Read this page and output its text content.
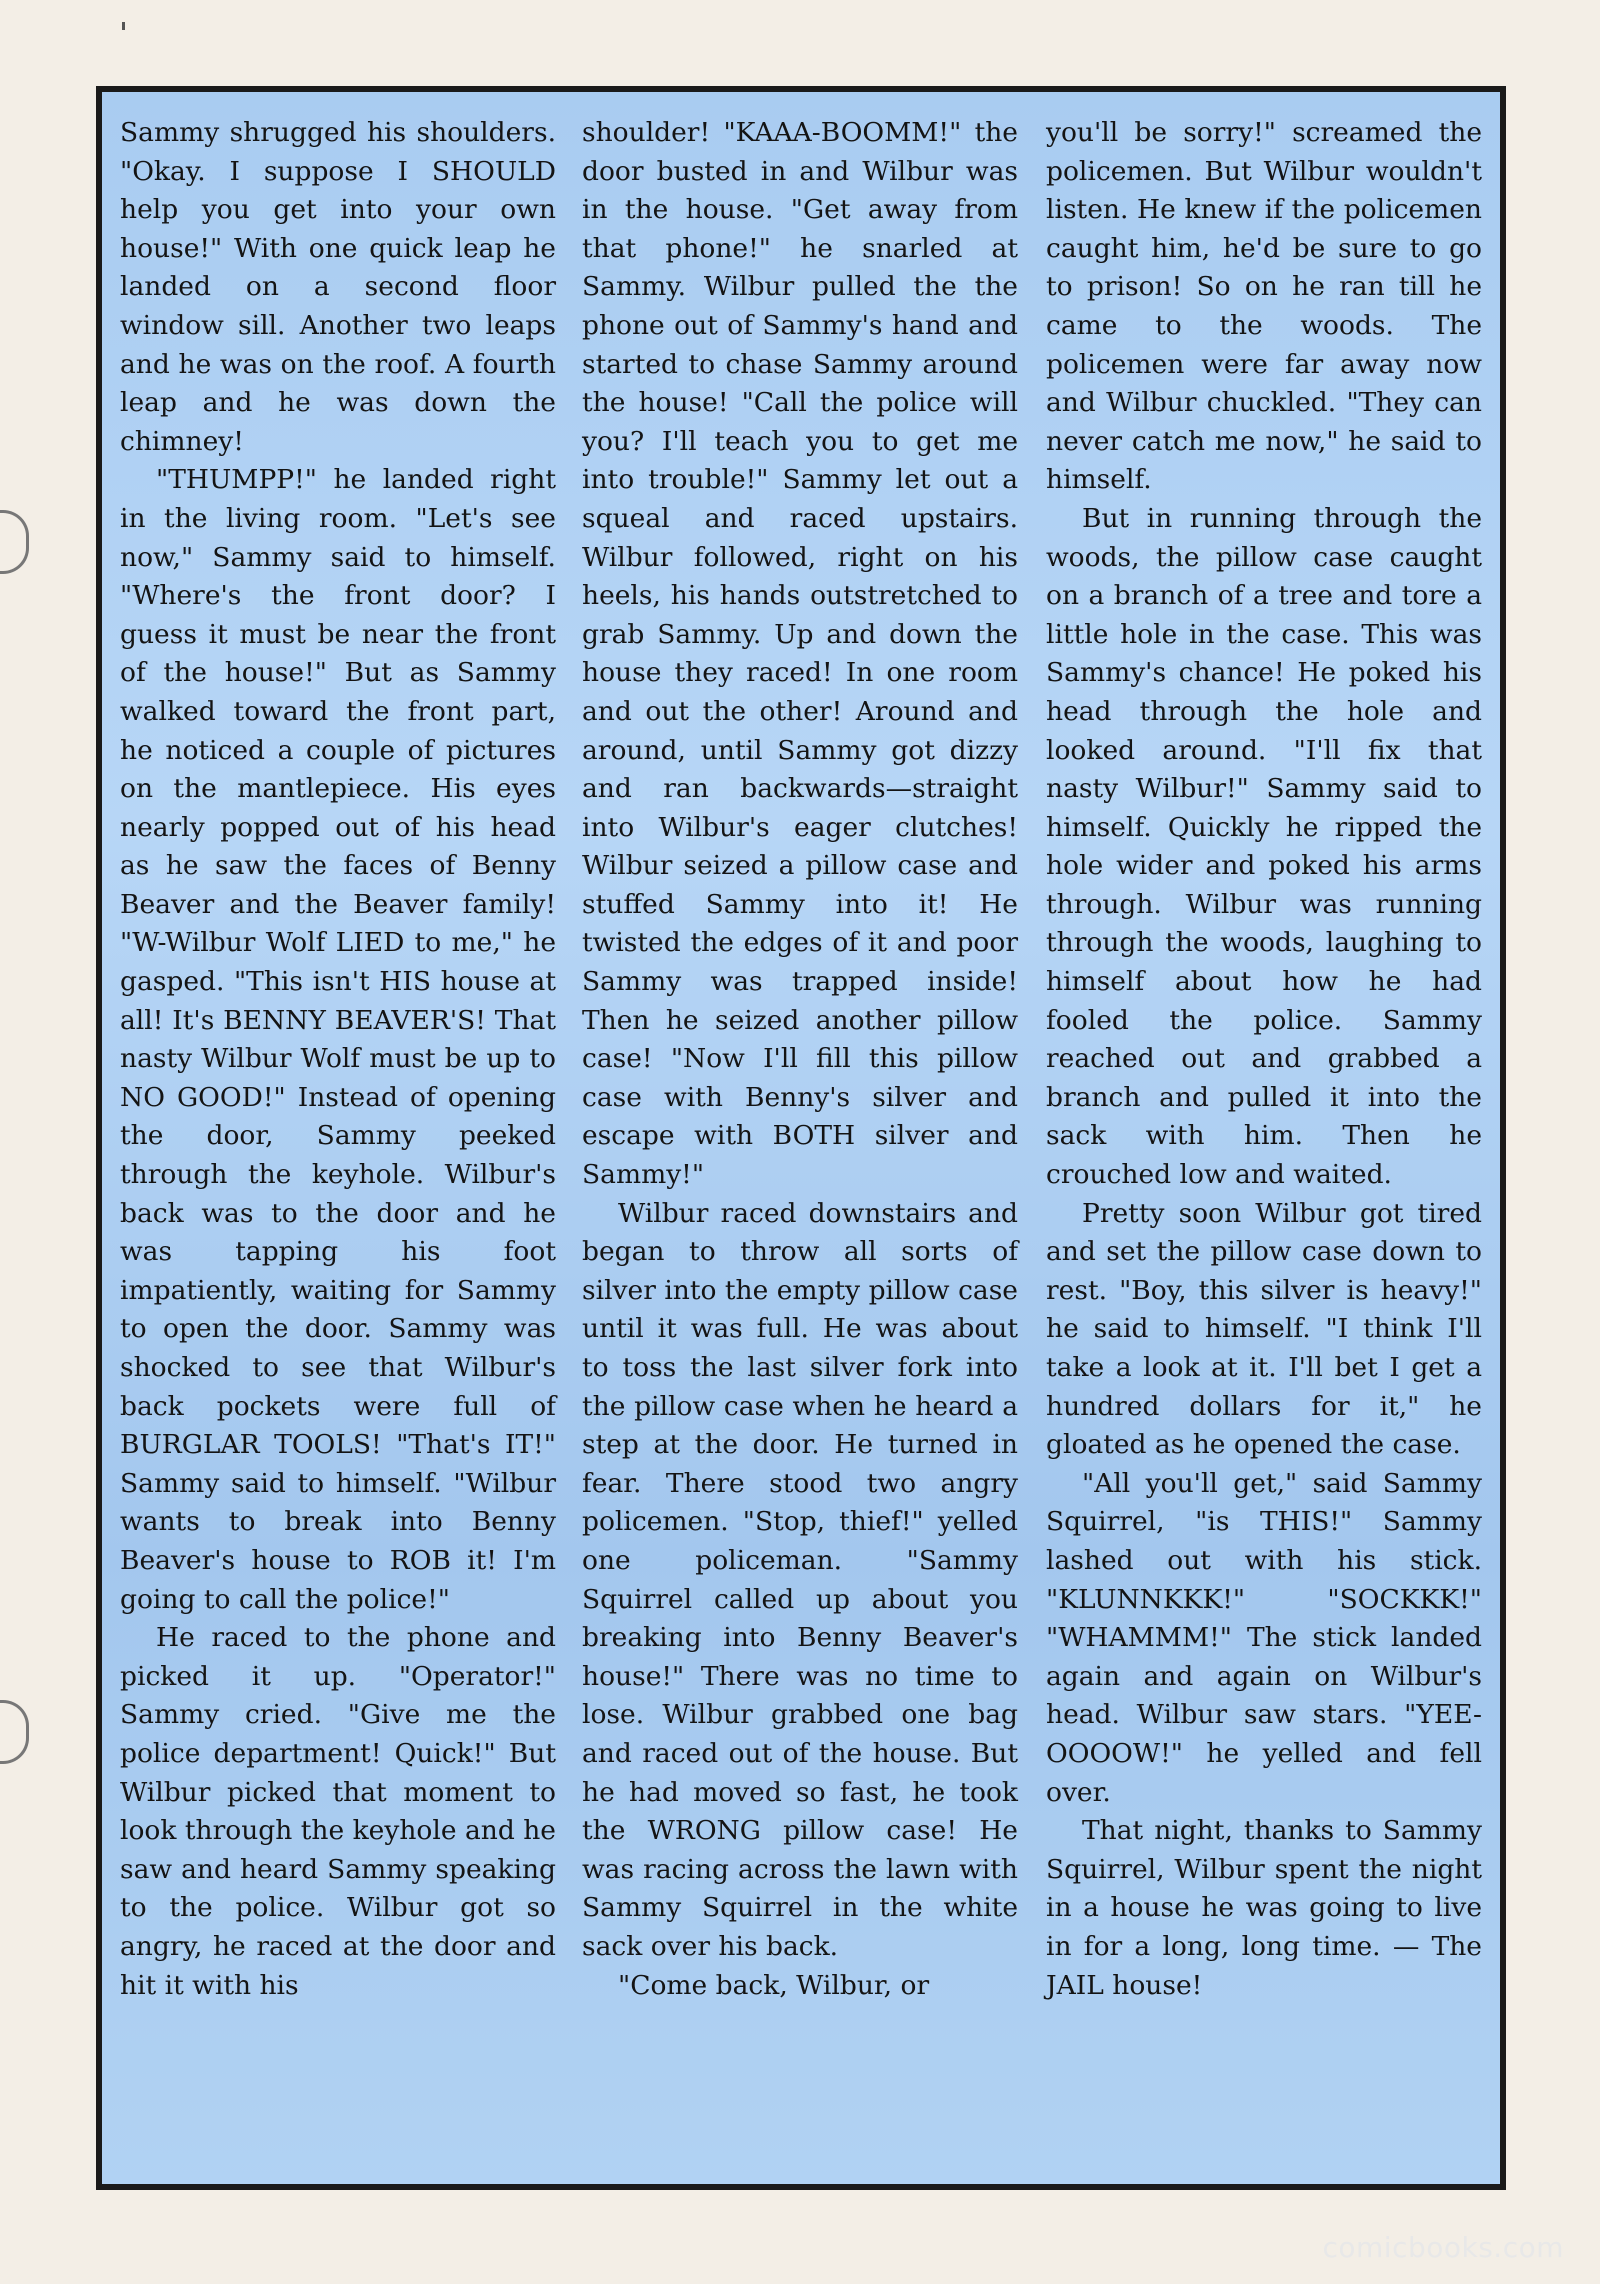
Sammy shrugged his shoulders. "Okay. I suppose I SHOULD help you get into your own house!" With one quick leap he landed on a second floor window sill. Another two leaps and he was on the roof. A fourth leap and he was down the chimney!

"THUMPP!" he landed right in the living room. "Let's see now," Sammy said to himself. "Where's the front door? I guess it must be near the front of the house!" But as Sammy walked toward the front part, he noticed a couple of pictures on the mantlepiece. His eyes nearly popped out of his head as he saw the faces of Benny Beaver and the Beaver family! "W-Wilbur Wolf LIED to me," he gasped. "This isn't HIS house at all! It's BENNY BEAVER'S! That nasty Wilbur Wolf must be up to NO GOOD!" Instead of opening the door, Sammy peeked through the keyhole. Wilbur's back was to the door and he was tapping his foot impatiently, waiting for Sammy to open the door. Sammy was shocked to see that Wilbur's back pockets were full of BURGLAR TOOLS! "That's IT!" Sammy said to himself. "Wilbur wants to break into Benny Beaver's house to ROB it! I'm going to call the police!"

He raced to the phone and picked it up. "Operator!" Sammy cried. "Give me the police department! Quick!" But Wilbur picked that moment to look through the keyhole and he saw and heard Sammy speaking to the police. Wilbur got so angry, he raced at the door and hit it with his

shoulder! "KAAA-BOOMM!" the door busted in and Wilbur was in the house. "Get away from that phone!" he snarled at Sammy. Wilbur pulled the the phone out of Sammy's hand and started to chase Sammy around the house! "Call the police will you? I'll teach you to get me into trouble!" Sammy let out a squeal and raced upstairs. Wilbur followed, right on his heels, his hands outstretched to grab Sammy. Up and down the house they raced! In one room and out the other! Around and around, until Sammy got dizzy and ran backwards—straight into Wilbur's eager clutches! Wilbur seized a pillow case and stuffed Sammy into it! He twisted the edges of it and poor Sammy was trapped inside! Then he seized another pillow case! "Now I'll fill this pillow case with Benny's silver and escape with BOTH silver and Sammy!"

Wilbur raced downstairs and began to throw all sorts of silver into the empty pillow case until it was full. He was about to toss the last silver fork into the pillow case when he heard a step at the door. He turned in fear. There stood two angry policemen. "Stop, thief!" yelled one policeman. "Sammy Squirrel called up about you breaking into Benny Beaver's house!" There was no time to lose. Wilbur grabbed one bag and raced out of the house. But he had moved so fast, he took the WRONG pillow case! He was racing across the lawn with Sammy Squirrel in the white sack over his back.

"Come back, Wilbur, or

you'll be sorry!" screamed the policemen. But Wilbur wouldn't listen. He knew if the policemen caught him, he'd be sure to go to prison! So on he ran till he came to the woods. The policemen were far away now and Wilbur chuckled. "They can never catch me now," he said to himself.

But in running through the woods, the pillow case caught on a branch of a tree and tore a little hole in the case. This was Sammy's chance! He poked his head through the hole and looked around. "I'll fix that nasty Wilbur!" Sammy said to himself. Quickly he ripped the hole wider and poked his arms through. Wilbur was running through the woods, laughing to himself about how he had fooled the police. Sammy reached out and grabbed a branch and pulled it into the sack with him. Then he crouched low and waited.

Pretty soon Wilbur got tired and set the pillow case down to rest. "Boy, this silver is heavy!" he said to himself. "I think I'll take a look at it. I'll bet I get a hundred dollars for it," he gloated as he opened the case.

"All you'll get," said Sammy Squirrel, "is THIS!" Sammy lashed out with his stick. "KLUNNKKK!" "SOCKKK!" "WHAMMM!" The stick landed again and again on Wilbur's head. Wilbur saw stars. "YEE-OOOOW!" he yelled and fell over.

That night, thanks to Sammy Squirrel, Wilbur spent the night in a house he was going to live in for a long, long time. — The JAIL house!

comicbooks.com
